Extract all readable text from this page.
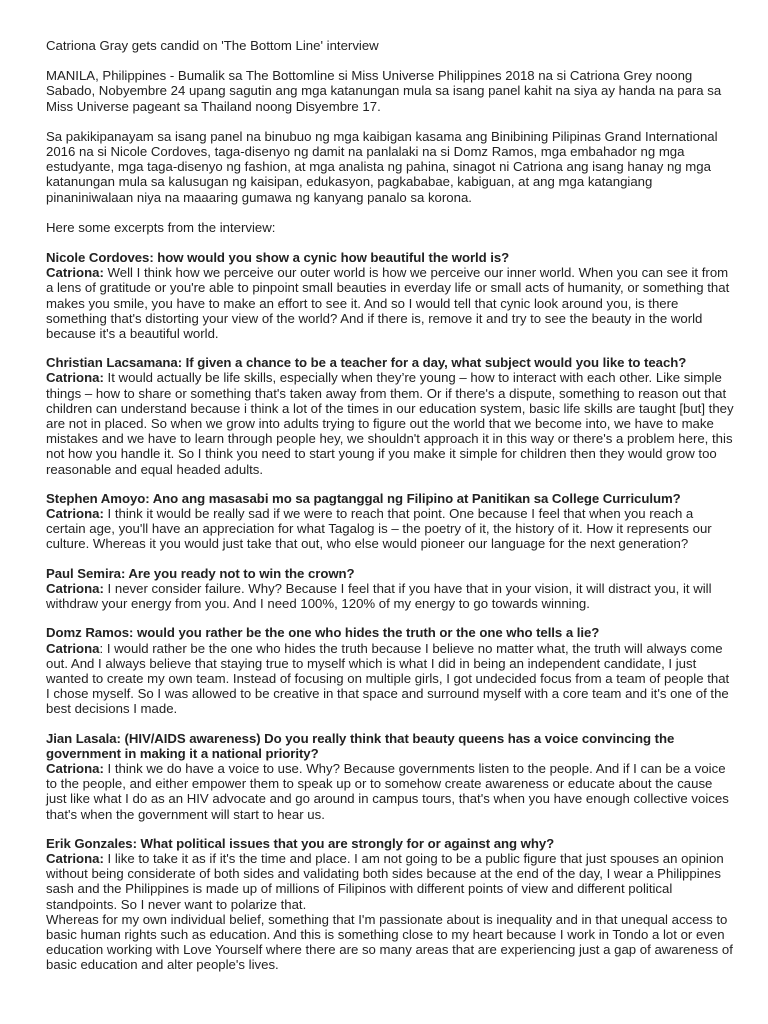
Catriona Gray gets candid on 'The Bottom Line' interview
MANILA, Philippines - Bumalik sa The Bottomline si Miss Universe Philippines 2018 na si Catriona Grey noong Sabado, Nobyembre 24 upang sagutin ang mga katanungan mula sa isang panel kahit na siya ay handa na para sa Miss Universe pageant sa Thailand noong Disyembre 17.
Sa pakikipanayam sa isang panel na binubuo ng mga kaibigan kasama ang Binibining Pilipinas Grand International 2016 na si Nicole Cordoves, taga-disenyo ng damit na panlalaki na si Domz Ramos, mga embahador ng mga estudyante, mga taga-disenyo ng fashion, at mga analista ng pahina, sinagot ni Catriona ang isang hanay ng mga katanungan mula sa kalusugan ng kaisipan, edukasyon, pagkababae, kabiguan, at ang mga katangiang pinaniniwalaan niya na maaaring gumawa ng kanyang panalo sa korona.
Here some excerpts from the interview:
Nicole Cordoves: how would you show a cynic how beautiful the world is?
Catriona: Well I think how we perceive our outer world is how we perceive our inner world. When you can see it from a lens of gratitude or you're able to pinpoint small beauties in everday life or small acts of humanity, or something that makes you smile, you have to make an effort to see it. And so I would tell that cynic look around you, is there something that's distorting your view of the world? And if there is, remove it and try to see the beauty in the world because it's a beautiful world.
Christian Lacsamana: If given a chance to be a teacher for a day, what subject would you like to teach?
Catriona: It would actually be life skills, especially when they’re young – how to interact with each other. Like simple things – how to share or something that's taken away from them. Or if there's a dispute, something to reason out that children can understand because i think a lot of the times in our education system, basic life skills are taught [but] they are not in placed. So when we grow into adults trying to figure out the world that we become into, we have to make mistakes and we have to learn through people hey, we shouldn't approach it in this way or there's a problem here, this not how you handle it. So I think you need to start young if you make it simple for children then they would grow too reasonable and equal headed adults.
Stephen Amoyo: Ano ang masasabi mo sa pagtanggal ng Filipino at Panitikan sa College Curriculum?
Catriona: I think it would be really sad if we were to reach that point. One because I feel that when you reach a certain age, you'll have an appreciation for what Tagalog is – the poetry of it, the history of it. How it represents our culture. Whereas it you would just take that out, who else would pioneer our language for the next generation?
Paul Semira: Are you ready not to win the crown?
Catriona: I never consider failure. Why? Because I feel that if you have that in your vision, it will distract you, it will withdraw your energy from you. And I need 100%, 120% of my energy to go towards winning.
Domz Ramos: would you rather be the one who hides the truth or the one who tells a lie?
Catriona: I would rather be the one who hides the truth because I believe no matter what, the truth will always come out. And I always believe that staying true to myself which is what I did in being an independent candidate, I just wanted to create my own team. Instead of focusing on multiple girls, I got undecided focus from a team of people that I chose myself. So I was allowed to be creative in that space and surround myself with a core team and it's one of the best decisions I made.
Jian Lasala: (HIV/AIDS awareness) Do you really think that beauty queens has a voice convincing the government in making it a national priority?
Catriona: I think we do have a voice to use. Why? Because governments listen to the people. And if I can be a voice to the people, and either empower them to speak up or to somehow create awareness or educate about the cause just like what I do as an HIV advocate and go around in campus tours, that's when you have enough collective voices that's when the government will start to hear us.
Erik Gonzales: What political issues that you are strongly for or against ang why?
Catriona: I like to take it as if it's the time and place. I am not going to be a public figure that just spouses an opinion without being considerate of both sides and validating both sides because at the end of the day, I wear a Philippines sash and the Philippines is made up of millions of Filipinos with different points of view and different political standpoints. So I never want to polarize that.
Whereas for my own individual belief, something that I'm passionate about is inequality and in that unequal access to basic human rights such as education. And this is something close to my heart because I work in Tondo a lot or even education working with Love Yourself where there are so many areas that are experiencing just a gap of awareness of basic education and alter people's lives.
